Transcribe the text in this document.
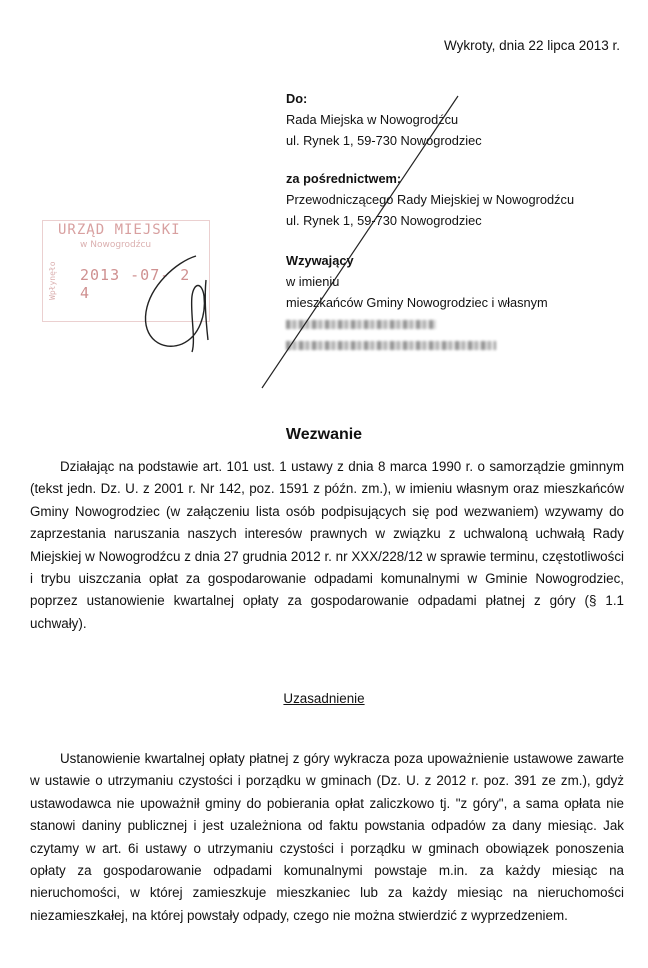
Wykroty, dnia 22 lipca 2013 r.
Do:
Rada Miejska w Nowogrodźcu
ul. Rynek 1, 59-730 Nowogrodziec
za pośrednictwem:
Przewodniczącego Rady Miejskiej w Nowogrodźcu
ul. Rynek 1, 59-730 Nowogrodziec
Wzywający
w imieniu
mieszkańców Gminy Nowogrodziec i własnym
URZĄD MIEJSKI
w Nowogrodźcu
2013 -07- 2 4
Wpłynęło
Wezwanie
Działając na podstawie art. 101 ust. 1 ustawy z dnia 8 marca 1990 r. o samorządzie gminnym (tekst jedn. Dz. U. z 2001 r. Nr 142, poz. 1591 z późn. zm.), w imieniu własnym oraz mieszkańców Gminy Nowogrodziec (w załączeniu lista osób podpisujących się pod wezwaniem) wzywamy do zaprzestania naruszania naszych interesów prawnych w związku z uchwaloną uchwałą Rady Miejskiej w Nowogrodźcu z dnia 27 grudnia 2012 r. nr XXX/228/12 w sprawie terminu, częstotliwości i trybu uiszczania opłat za gospodarowanie odpadami komunalnymi w Gminie Nowogrodziec, poprzez ustanowienie kwartalnej opłaty za gospodarowanie odpadami płatnej z góry (§ 1.1 uchwały).
Uzasadnienie
Ustanowienie kwartalnej opłaty płatnej z góry wykracza poza upoważnienie ustawowe zawarte w ustawie o utrzymaniu czystości i porządku w gminach (Dz. U. z 2012 r. poz. 391 ze zm.), gdyż ustawodawca nie upoważnił gminy do pobierania opłat zaliczkowo tj. "z góry", a sama opłata nie stanowi daniny publicznej i jest uzależniona od faktu powstania odpadów za dany miesiąc. Jak czytamy w art. 6i ustawy o utrzymaniu czystości i porządku w gminach obowiązek ponoszenia opłaty za gospodarowanie odpadami komunalnymi powstaje m.in. za każdy miesiąc na nieruchomości, w której zamieszkuje mieszkaniec lub za każdy miesiąc na nieruchomości niezamieszkałej, na której powstały odpady, czego nie można stwierdzić z wyprzedzeniem.
